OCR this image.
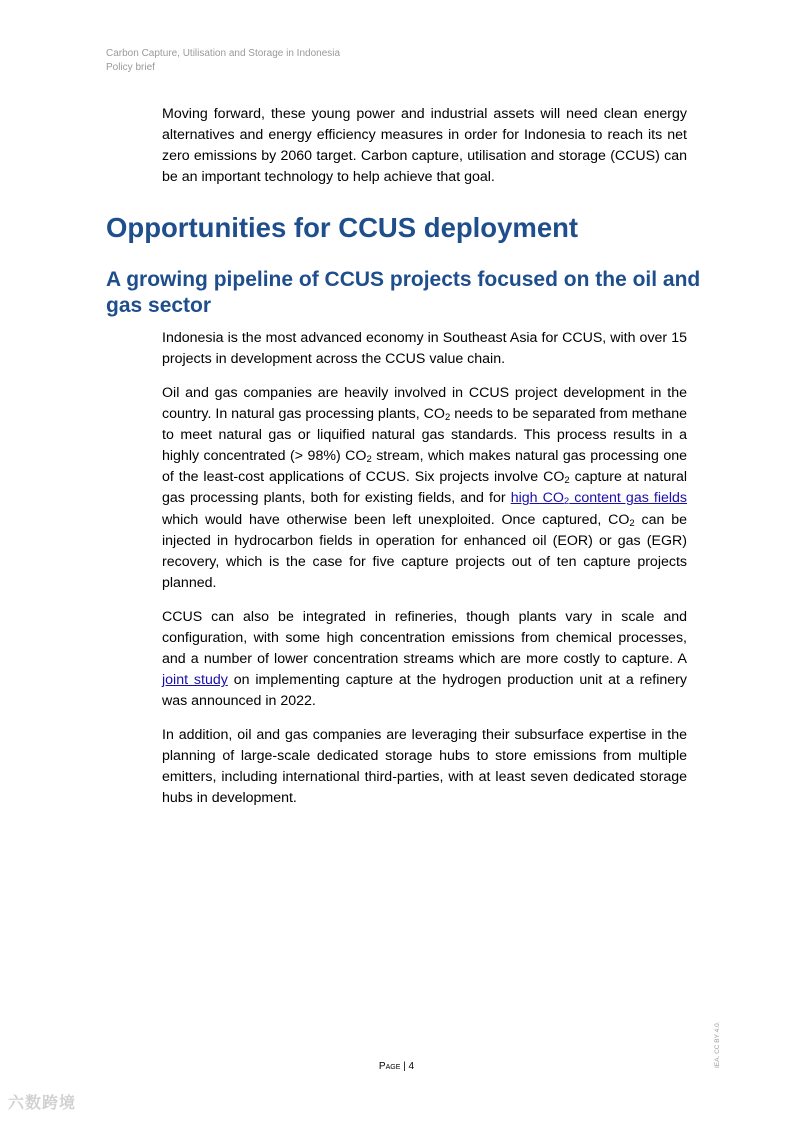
Carbon Capture, Utilisation and Storage in Indonesia
Policy brief

Moving forward, these young power and industrial assets will need clean energy alternatives and energy efficiency measures in order for Indonesia to reach its net zero emissions by 2060 target. Carbon capture, utilisation and storage (CCUS) can be an important technology to help achieve that goal.

Opportunities for CCUS deployment
A growing pipeline of CCUS projects focused on the oil and gas sector

Indonesia is the most advanced economy in Southeast Asia for CCUS, with over 15 projects in development across the CCUS value chain.

Oil and gas companies are heavily involved in CCUS project development in the country. In natural gas processing plants, $CO_2$ needs to be separated from methane to meet natural gas or liquified natural gas standards. This process results in a highly concentrated (> 98%) $CO_2$ stream, which makes natural gas processing one of the least-cost applications of CCUS. Six projects involve $CO_2$ capture at natural gas processing plants, both for existing fields, and for high $CO_2$ content gas fields which would have otherwise been left unexploited. Once captured, $CO_2$ can be injected in hydrocarbon fields in operation for enhanced oil (EOR) or gas (EGR) recovery, which is the case for five capture projects out of ten capture projects planned.

CCUS can also be integrated in refineries, though plants vary in scale and configuration, with some high concentration emissions from chemical processes, and a number of lower concentration streams which are more costly to capture. A joint study on implementing capture at the hydrogen production unit at a refinery was announced in 2022.

In addition, oil and gas companies are leveraging their subsurface expertise in the planning of large-scale dedicated storage hubs to store emissions from multiple emitters, including international third-parties, with at least seven dedicated storage hubs in development.

Page | 4	IEA. CC BY 4.0.
六数跨境
